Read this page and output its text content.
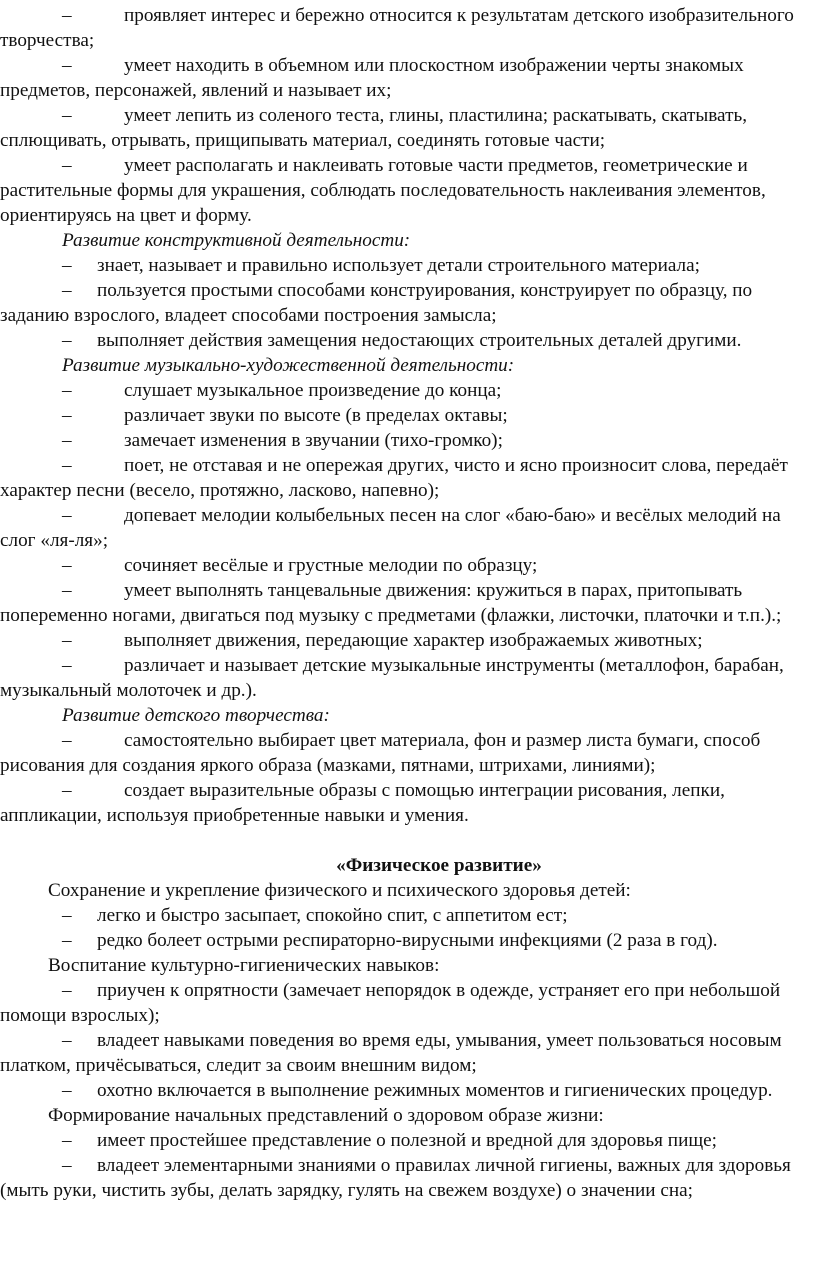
–	проявляет интерес и бережно относится к результатам детского изобразительного творчества;
–	умеет находить в объемном или плоскостном изображении черты знакомых предметов, персонажей, явлений и называет их;
–	умеет лепить из соленого теста, глины, пластилина; раскатывать, скатывать, сплющивать, отрывать, прищипывать материал, соединять готовые части;
–	умеет располагать и наклеивать готовые части предметов, геометрические и растительные формы для украшения, соблюдать последовательность наклеивания элементов, ориентируясь на цвет и форму.
Развитие конструктивной деятельности:
– знает, называет и правильно использует детали строительного материала;
– пользуется простыми способами конструирования, конструирует по образцу, по заданию взрослого, владеет способами построения замысла;
– выполняет действия замещения недостающих строительных деталей другими.
Развитие музыкально-художественной деятельности:
–	слушает музыкальное произведение до конца;
–	различает звуки по высоте (в пределах октавы;
–	замечает изменения в звучании (тихо-громко);
–	поет, не отставая и не опережая других, чисто и ясно произносит слова, передаёт характер песни (весело, протяжно, ласково, напевно);
–	допевает мелодии колыбельных песен на слог «баю-баю» и весёлых мелодий на слог «ля-ля»;
–	сочиняет весёлые и грустные мелодии по образцу;
–	умеет выполнять танцевальные движения: кружиться в парах, притопывать попеременно ногами, двигаться под музыку с предметами (флажки, листочки, платочки и т.п.).;
–	выполняет движения, передающие характер изображаемых животных;
–	различает и называет детские музыкальные инструменты (металлофон, барабан, музыкальный молоточек и др.).
Развитие детского творчества:
–	самостоятельно выбирает цвет материала, фон и размер листа бумаги, способ рисования для создания яркого образа (мазками, пятнами, штрихами, линиями);
–	создает выразительные образы с помощью интеграции рисования, лепки, аппликации, используя приобретенные навыки и умения.
«Физическое развитие»
Сохранение и укрепление физического и психического здоровья детей:
– легко и быстро засыпает, спокойно спит, с аппетитом ест;
– редко болеет острыми респираторно-вирусными инфекциями (2 раза в год).
Воспитание культурно-гигиенических навыков:
– приучен к опрятности (замечает непорядок в одежде, устраняет его при небольшой помощи взрослых);
– владеет навыками поведения во время еды, умывания, умеет пользоваться носовым платком, причёсываться, следит за своим внешним видом;
– охотно включается в выполнение режимных моментов и гигиенических процедур.
Формирование начальных представлений о здоровом образе жизни:
– имеет простейшее представление о полезной и вредной для здоровья пище;
– владеет элементарными знаниями о правилах личной гигиены, важных для здоровья (мыть руки, чистить зубы, делать зарядку, гулять на свежем воздухе) о значении сна;
